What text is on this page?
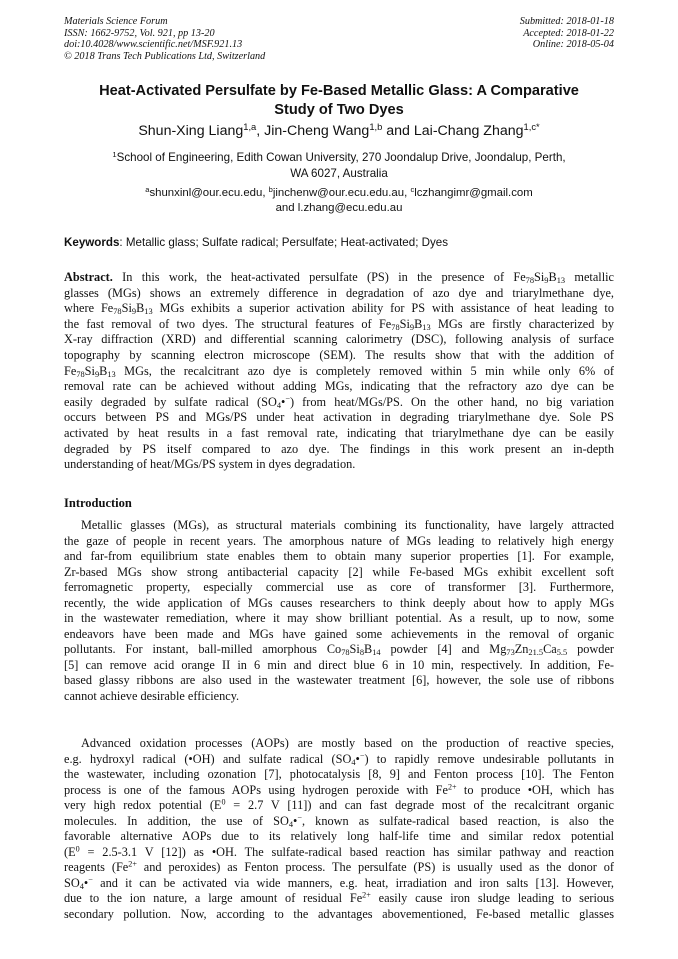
Materials Science Forum
ISSN: 1662-9752, Vol. 921, pp 13-20
doi:10.4028/www.scientific.net/MSF.921.13
© 2018 Trans Tech Publications Ltd, Switzerland
Submitted: 2018-01-18
Accepted: 2018-01-22
Online: 2018-05-04
Heat-Activated Persulfate by Fe-Based Metallic Glass: A Comparative
Study of Two Dyes
Shun-Xing Liang$^{1,a}$, Jin-Cheng Wang$^{1,b}$ and Lai-Chang Zhang$^{1,c*}$
$^1$School of Engineering, Edith Cowan University, 270 Joondalup Drive, Joondalup, Perth,
WA 6027, Australia
$^a$shunxinl@our.ecu.edu, $^b$jinchenw@our.ecu.edu.au, $^c$lczhangimr@gmail.com
and l.zhang@ecu.edu.au
Keywords: Metallic glass; Sulfate radical; Persulfate; Heat-activated; Dyes
Abstract. In this work, the heat-activated persulfate (PS) in the presence of $Fe_{78}Si_9B_{13}$ metallic
glasses (MGs) shows an extremely difference in degradation of azo dye and triarylmethane dye,
where $Fe_{78}Si_9B_{13}$ MGs exhibits a superior activation ability for PS with assistance of heat leading to
the fast removal of two dyes. The structural features of $Fe_{78}Si_9B_{13}$ MGs are firstly characterized by
X-ray diffraction (XRD) and differential scanning calorimetry (DSC), following analysis of surface
topography by scanning electron microscope (SEM). The results show that with the addition of
$Fe_{78}Si_9B_{13}$ MGs, the recalcitrant azo dye is completely removed within 5 min while only 6% of
removal rate can be achieved without adding MGs, indicating that the refractory azo dye can be
easily degraded by sulfate radical $(SO_4•^-)$ from heat/MGs/PS. On the other hand, no big variation
occurs between PS and MGs/PS under heat activation in degrading triarylmethane dye. Sole PS
activated by heat results in a fast removal rate, indicating that triarylmethane dye can be easily
degraded by PS itself compared to azo dye. The findings in this work present an in-depth
understanding of heat/MGs/PS system in dyes degradation.
Introduction
Metallic glasses (MGs), as structural materials combining its functionality, have largely attracted
the gaze of people in recent years. The amorphous nature of MGs leading to relatively high energy
and far-from equilibrium state enables them to obtain many superior properties [1]. For example,
Zr-based MGs show strong antibacterial capacity [2] while Fe-based MGs exhibit excellent soft
ferromagnetic property, especially commercial use as core of transformer [3]. Furthermore,
recently, the wide application of MGs causes researchers to think deeply about how to apply MGs
in the wastewater remediation, where it may show brilliant potential. As a result, up to now, some
endeavors have been made and MGs have gained some achievements in the removal of organic
pollutants. For instant, ball-milled amorphous $Co_{78}Si_8B_{14}$ powder [4] and $Mg_{73}Zn_{21.5}Ca_{5.5}$ powder
[5] can remove acid orange II in 6 min and direct blue 6 in 10 min, respectively. In addition, Fe-
based glassy ribbons are also used in the wastewater treatment [6], however, the sole use of ribbons
cannot achieve desirable efficiency.
Advanced oxidation processes (AOPs) are mostly based on the production of reactive species,
e.g. hydroxyl radical (•OH) and sulfate radical $(SO_4•^-)$ to rapidly remove undesirable pollutants in
the wastewater, including ozonation [7], photocatalysis [8, 9] and Fenton process [10]. The Fenton
process is one of the famous AOPs using hydrogen peroxide with $Fe^{2+}$ to produce •OH, which has
very high redox potential ($E^0 = 2.7$ V [11]) and can fast degrade most of the recalcitrant organic
molecules. In addition, the use of $SO_4•^-$, known as sulfate-radical based reaction, is also the
favorable alternative AOPs due to its relatively long half-life time and similar redox potential
($E^0 = 2.5-3.1$ V [12]) as •OH. The sulfate-radical based reaction has similar pathway and reaction
reagents ($Fe^{2+}$ and peroxides) as Fenton process. The persulfate (PS) is usually used as the donor of
$SO_4•^-$ and it can be activated via wide manners, e.g. heat, irradiation and iron salts [13]. However,
due to the ion nature, a large amount of residual $Fe^{2+}$ easily cause iron sludge leading to serious
secondary pollution. Now, according to the advantages abovementioned, Fe-based metallic glasses
